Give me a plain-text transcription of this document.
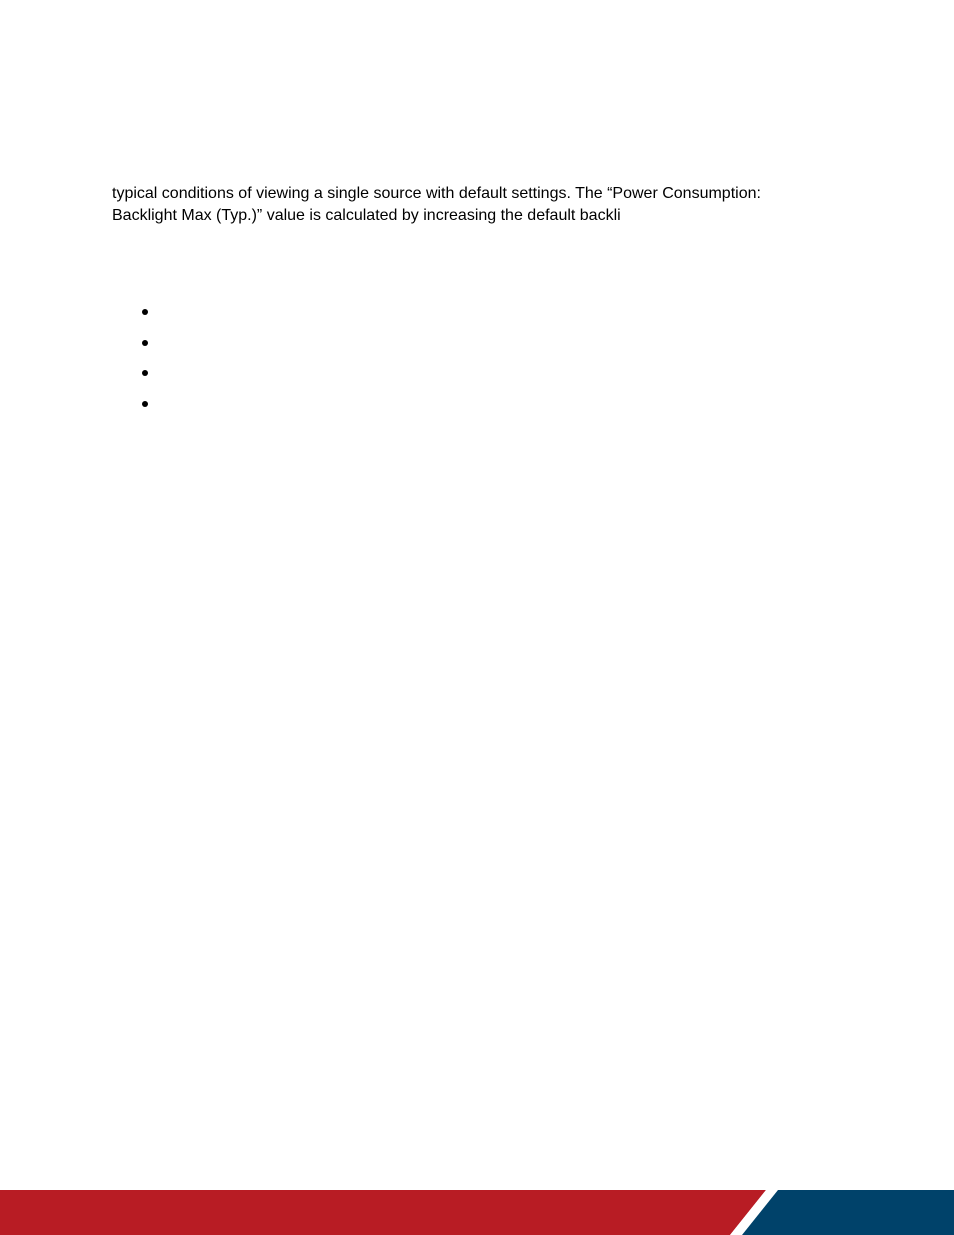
typical conditions of viewing a single source with default settings. The “Power Consumption:
Backlight Max (Typ.)” value is calculated by increasing the default backli
